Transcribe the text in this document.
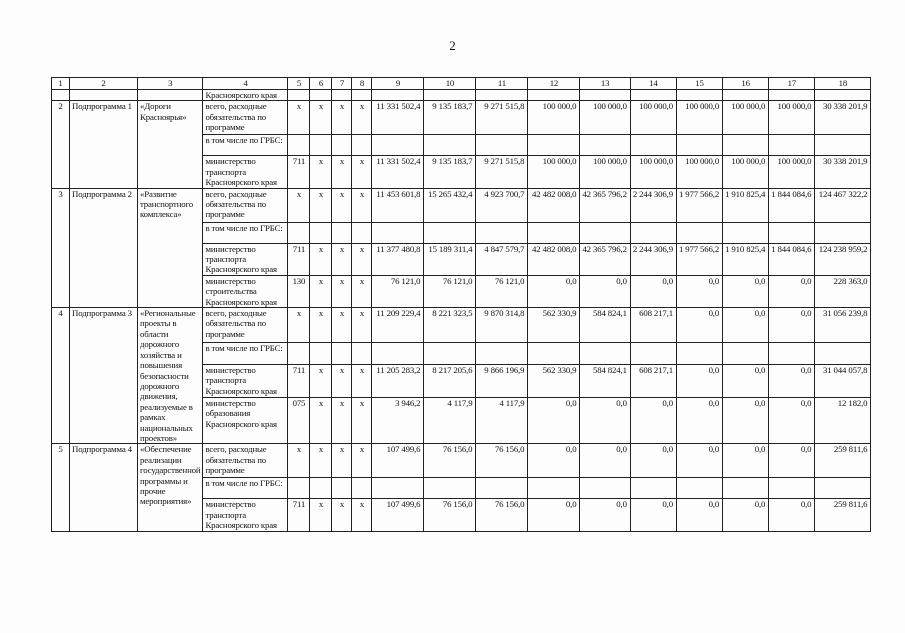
2
1	2	3	4	5	6	7	8	9	10	11	12	13	14	15	16	17	18
			Красноярского края														
2	Подпрограмма 1	«Дороги Красноярья»	всего, расходные обязательства по программе	x	x	x	x	11 331 502,4	9 135 183,7	9 271 515,8	100 000,0	100 000,0	100 000,0	100 000,0	100 000,0	100 000,0	30 338 201,9
			в том числе по ГРБС:														
			министерство транспорта Красноярского края	711	x	x	x	11 331 502,4	9 135 183,7	9 271 515,8	100 000,0	100 000,0	100 000,0	100 000,0	100 000,0	100 000,0	30 338 201,9
3	Подпрограмма 2	«Развитие транспортного комплекса»	всего, расходные обязательства по программе	x	x	x	x	11 453 601,8	15 265 432,4	4 923 700,7	42 482 008,0	42 365 796,2	2 244 306,9	1 977 566,2	1 910 825,4	1 844 084,6	124 467 322,2
			в том числе по ГРБС:														
			министерство транспорта Красноярского края	711	x	x	x	11 377 480,8	15 189 311,4	4 847 579,7	42 482 008,0	42 365 796,2	2 244 306,9	1 977 566,2	1 910 825,4	1 844 084,6	124 238 959,2
			министерство строительства Красноярского края	130	x	x	x	76 121,0	76 121,0	76 121,0	0,0	0,0	0,0	0,0	0,0	0,0	228 363,0
4	Подпрограмма 3	«Региональные проекты в области дорожного хозяйства и повышения безопасности дорожного движения, реализуемые в рамках национальных проектов»	всего, расходные обязательства по программе	x	x	x	x	11 209 229,4	8 221 323,5	9 870 314,8	562 330,9	584 824,1	608 217,1	0,0	0,0	0,0	31 056 239,8
			в том числе по ГРБС:														
			министерство транспорта Красноярского края	711	x	x	x	11 205 283,2	8 217 205,6	9 866 196,9	562 330,9	584 824,1	608 217,1	0,0	0,0	0,0	31 044 057,8
			министерство образования Красноярского края	075	x	x	x	3 946,2	4 117,9	4 117,9	0,0	0,0	0,0	0,0	0,0	0,0	12 182,0
5	Подпрограмма 4	«Обеспечение реализации государственной программы и прочие мероприятия»	всего, расходные обязательства по программе	x	x	x	x	107 499,6	76 156,0	76 156,0	0,0	0,0	0,0	0,0	0,0	0,0	259 811,6
			в том числе по ГРБС:														
			министерство транспорта Красноярского края	711	x	x	x	107 499,6	76 156,0	76 156,0	0,0	0,0	0,0	0,0	0,0	0,0	259 811,6
